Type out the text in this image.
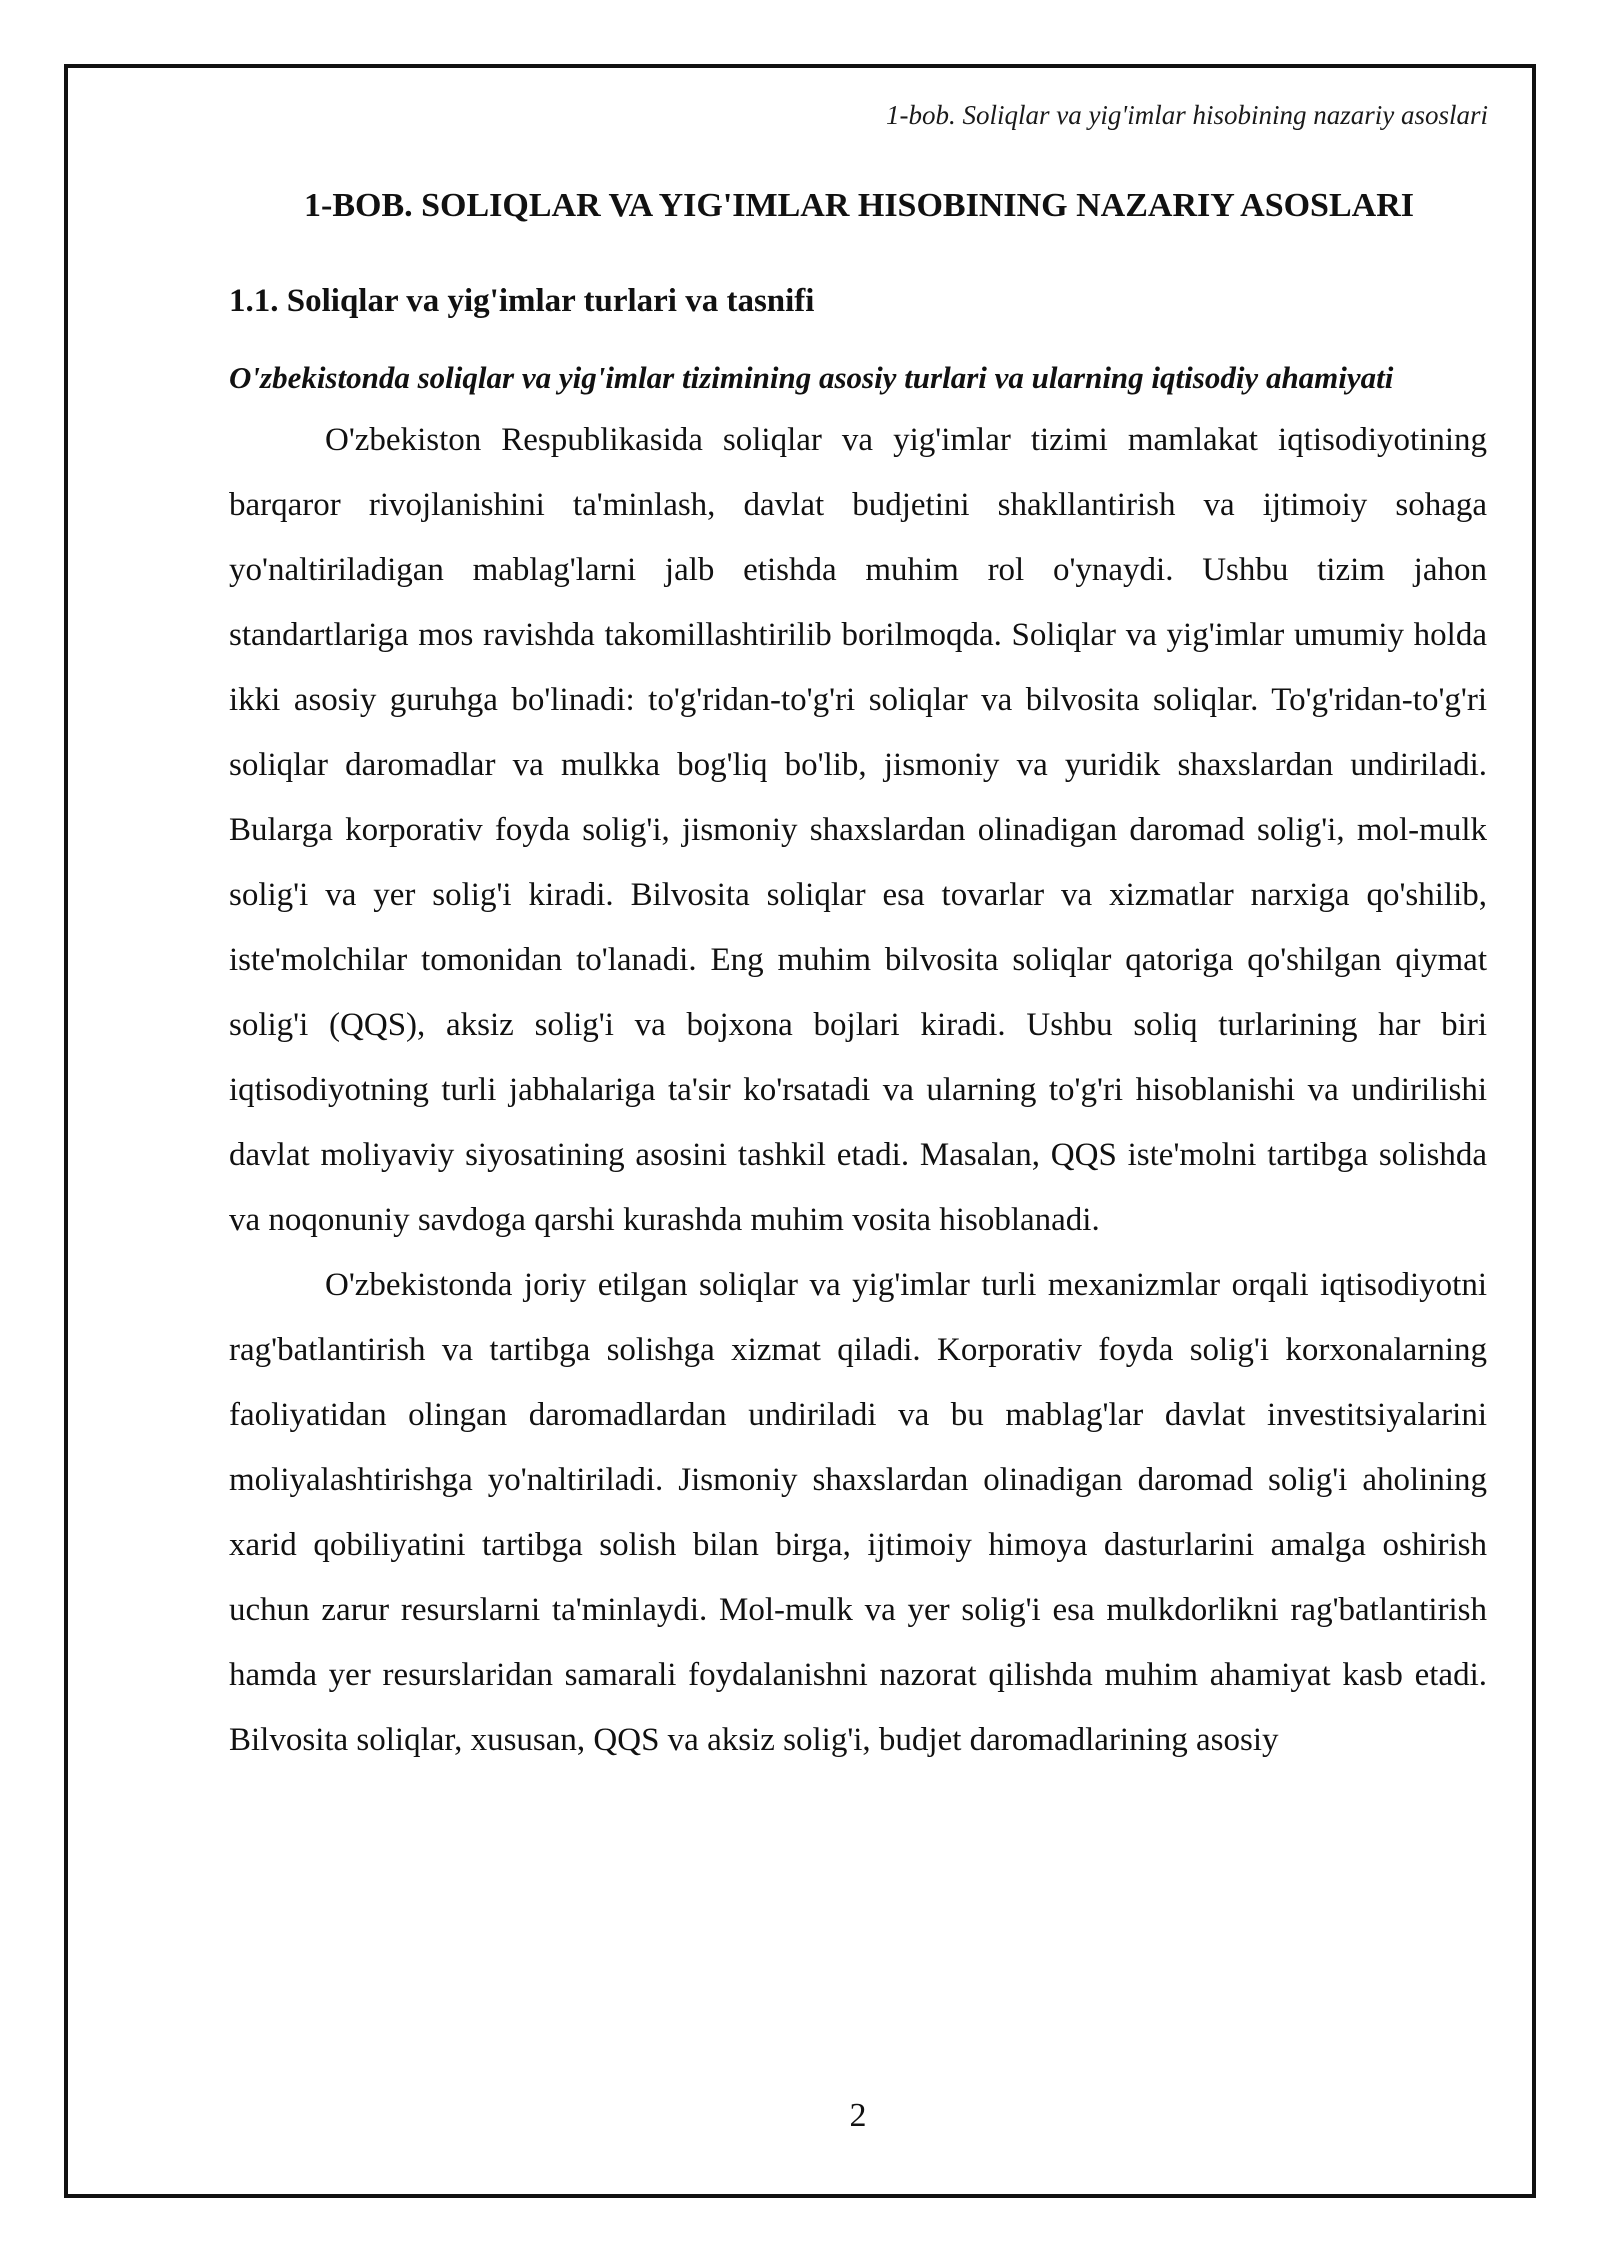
1-bob. Soliqlar va yig'imlar hisobining nazariy asoslari
1-BOB. SOLIQLAR VA YIG'IMLAR HISOBINING NAZARIY ASOSLARI
1.1. Soliqlar va yig'imlar turlari va tasnifi
O'zbekistonda soliqlar va yig'imlar tizimining asosiy turlari va ularning iqtisodiy ahamiyati

O'zbekiston Respublikasida soliqlar va yig'imlar tizimi mamlakat iqtisodiyotining barqaror rivojlanishini ta'minlash, davlat budjetini shakllantirish va ijtimoiy sohaga yo'naltiriladigan mablag'larni jalb etishda muhim rol o'ynaydi. Ushbu tizim jahon standartlariga mos ravishda takomillashtirilib borilmoqda. Soliqlar va yig'imlar umumiy holda ikki asosiy guruhga bo'linadi: to'g'ridan-to'g'ri soliqlar va bilvosita soliqlar. To'g'ridan-to'g'ri soliqlar daromadlar va mulkka bog'liq bo'lib, jismoniy va yuridik shaxslardan undiriladi. Bularga korporativ foyda solig'i, jismoniy shaxslardan olinadigan daromad solig'i, mol-mulk solig'i va yer solig'i kiradi. Bilvosita soliqlar esa tovarlar va xizmatlar narxiga qo'shilib, iste'molchilar tomonidan to'lanadi. Eng muhim bilvosita soliqlar qatoriga qo'shilgan qiymat solig'i (QQS), aksiz solig'i va bojxona bojlari kiradi. Ushbu soliq turlarining har biri iqtisodiyotning turli jabhalariga ta'sir ko'rsatadi va ularning to'g'ri hisoblanishi va undirilishi davlat moliyaviy siyosatining asosini tashkil etadi. Masalan, QQS iste'molni tartibga solishda va noqonuniy savdoga qarshi kurashda muhim vosita hisoblanadi.

O'zbekistonda joriy etilgan soliqlar va yig'imlar turli mexanizmlar orqali iqtisodiyotni rag'batlantirish va tartibga solishga xizmat qiladi. Korporativ foyda solig'i korxonalarning faoliyatidan olingan daromadlardan undiriladi va bu mablag'lar davlat investitsiyalarini moliyalashtirishga yo'naltiriladi. Jismoniy shaxslardan olinadigan daromad solig'i aholining xarid qobiliyatini tartibga solish bilan birga, ijtimoiy himoya dasturlarini amalga oshirish uchun zarur resurslarni ta'minlaydi. Mol-mulk va yer solig'i esa mulkdorlikni rag'batlantirish hamda yer resurslaridan samarali foydalanishni nazorat qilishda muhim ahamiyat kasb etadi. Bilvosita soliqlar, xususan, QQS va aksiz solig'i, budjet daromadlarining asosiy

2
